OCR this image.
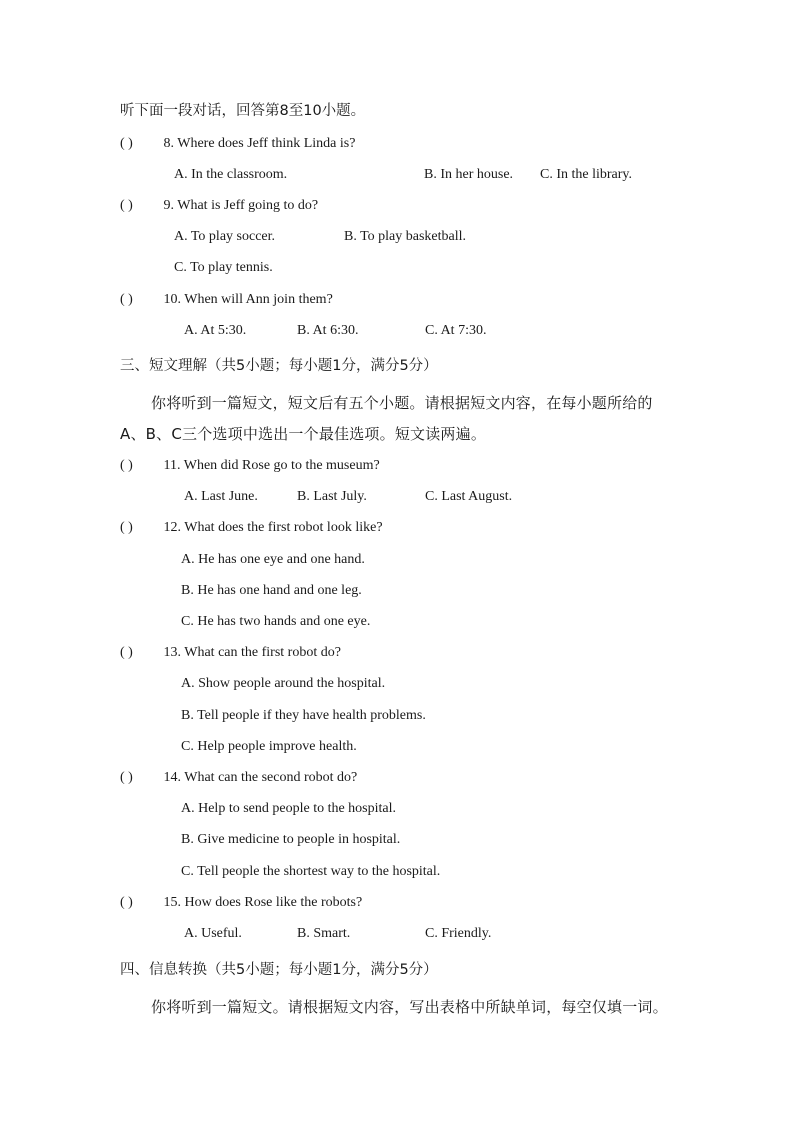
听下面一段对话，回答第8至10小题。
( ) 8. Where does Jeff think Linda is?
A. In the classroom.	B. In her house. C. In the library.
( ) 9. What is Jeff going to do?
A. To play soccer.	B. To play basketball.
C. To play tennis.
( ) 10. When will Ann join them?
A. At 5:30.	B. At 6:30.	C. At 7:30.
三、短文理解（共5小题；每小题1分，满分5分）
你将听到一篇短文，短文后有五个小题。请根据短文内容，在每小题所给的
A、B、C三个选项中选出一个最佳选项。短文读两遍。
( ) 11. When did Rose go to the museum?
A. Last June.	B. Last July.	C. Last August.
( ) 12. What does the first robot look like?
A. He has one eye and one hand.
B. He has one hand and one leg.
C. He has two hands and one eye.
( ) 13. What can the first robot do?
A. Show people around the hospital.
B. Tell people if they have health problems.
C. Help people improve health.
( ) 14. What can the second robot do?
A. Help to send people to the hospital.
B. Give medicine to people in hospital.
C. Tell people the shortest way to the hospital.
( ) 15. How does Rose like the robots?
A. Useful.	B. Smart.	C. Friendly.
四、信息转换（共5小题；每小题1分，满分5分）
你将听到一篇短文。请根据短文内容，写出表格中所缺单词，每空仅填一词。
